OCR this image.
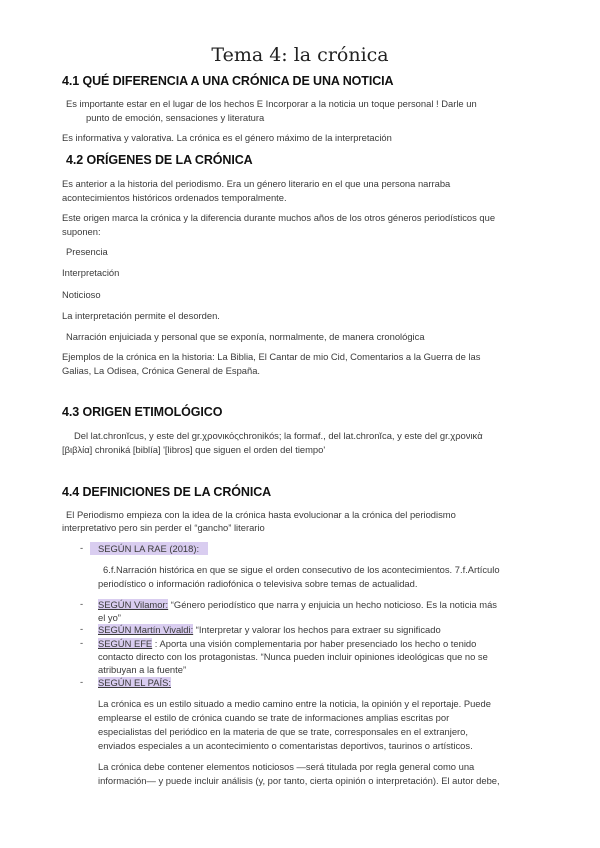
Tema 4: la crónica
4.1 QUÉ DIFERENCIA A UNA CRÓNICA DE UNA NOTICIA
Es importante estar en el lugar de los hechos E Incorporar a la noticia un toque personal ! Darle un
punto de emoción, sensaciones y literatura
Es informativa y valorativa. La crónica es el género máximo de la interpretación
4.2 ORÍGENES DE LA CRÓNICA
Es anterior a la historia del periodismo. Era un género literario en el que una persona narraba
acontecimientos históricos ordenados temporalmente.
Este origen marca la crónica y la diferencia durante muchos años de los otros géneros periodísticos que
suponen:
Presencia
Interpretación
Noticioso
La interpretación permite el desorden.
Narración enjuiciada y personal que se exponía, normalmente, de manera cronológica
Ejemplos de la crónica en la historia: La Biblia, El Cantar de mio Cid, Comentarios a la Guerra de las
Galias, La Odisea, Crónica General de España.
4.3 ORIGEN ETIMOLÓGICO
Del lat.chronĭcus, y este del gr.χρονικόςchronikós; la formaf., del lat.chronĭca, y este del gr.χρονικὰ
[βιβλία] chroniká [biblía] '[libros] que siguen el orden del tiempo'
4.4 DEFINICIONES DE LA CRÓNICA
El Periodismo empieza con la idea de la crónica hasta evolucionar a la crónica del periodismo
interpretativo pero sin perder el “gancho” literario
- SEGÚN LA RAE (2018):
6.f.Narración histórica en que se sigue el orden consecutivo de los acontecimientos. 7.f.Artículo
periodístico o información radiofónica o televisiva sobre temas de actualidad.
- SEGÚN Vilamor: “Género periodístico que narra y enjuicia un hecho noticioso. Es la noticia más
el yo”
- SEGÚN Martín Vivaldi: “Interpretar y valorar los hechos para extraer su significado
- SEGÚN EFE : Aporta una visión complementaria por haber presenciado los hecho o tenido
contacto directo con los protagonistas. “Nunca pueden incluir opiniones ideológicas que no se
atribuyan a la fuente”
- SEGÚN EL PAÍS:
La crónica es un estilo situado a medio camino entre la noticia, la opinión y el reportaje. Puede
emplearse el estilo de crónica cuando se trate de informaciones amplias escritas por
especialistas del periódico en la materia de que se trate, corresponsales en el extranjero,
enviados especiales a un acontecimiento o comentaristas deportivos, taurinos o artísticos.
La crónica debe contener elementos noticiosos —será titulada por regla general como una
información— y puede incluir análisis (y, por tanto, cierta opinión o interpretación). El autor debe,
